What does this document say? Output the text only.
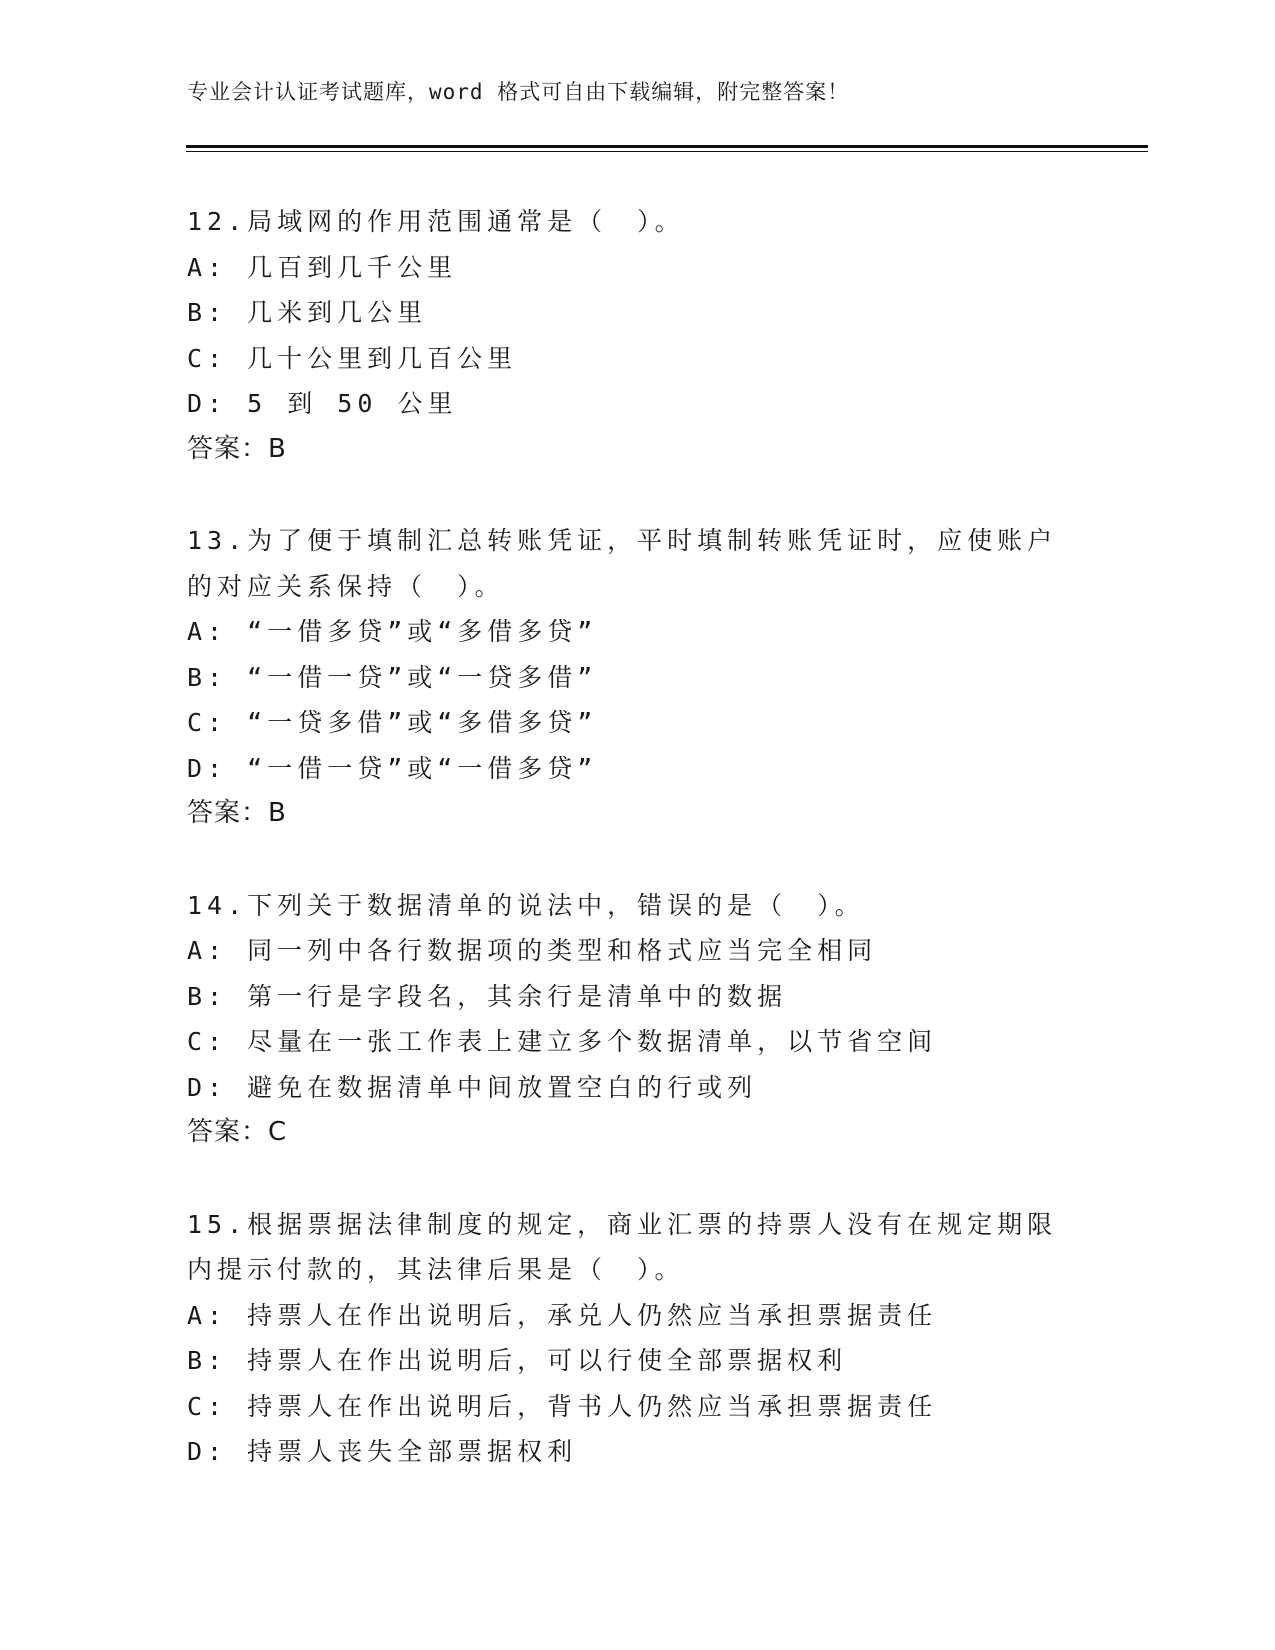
专业会计认证考试题库，word 格式可自由下载编辑，附完整答案！

12.局域网的作用范围通常是（　）。

A: 几百到几千公里

B: 几米到几公里

C: 几十公里到几百公里

D: 5 到 50 公里

答案：B

13.为了便于填制汇总转账凭证，平时填制转账凭证时，应使账户的对应关系保持（　）。

A: “一借多贷”或“多借多贷”

B: “一借一贷”或“一贷多借”

C: “一贷多借”或“多借多贷”

D: “一借一贷”或“一借多贷”

答案：B

14.下列关于数据清单的说法中，错误的是（　）。

A: 同一列中各行数据项的类型和格式应当完全相同

B: 第一行是字段名，其余行是清单中的数据

C: 尽量在一张工作表上建立多个数据清单，以节省空间

D: 避免在数据清单中间放置空白的行或列

答案：C

15.根据票据法律制度的规定，商业汇票的持票人没有在规定期限内提示付款的，其法律后果是（　）。

A: 持票人在作出说明后，承兑人仍然应当承担票据责任

B: 持票人在作出说明后，可以行使全部票据权利

C: 持票人在作出说明后，背书人仍然应当承担票据责任

D: 持票人丧失全部票据权利
